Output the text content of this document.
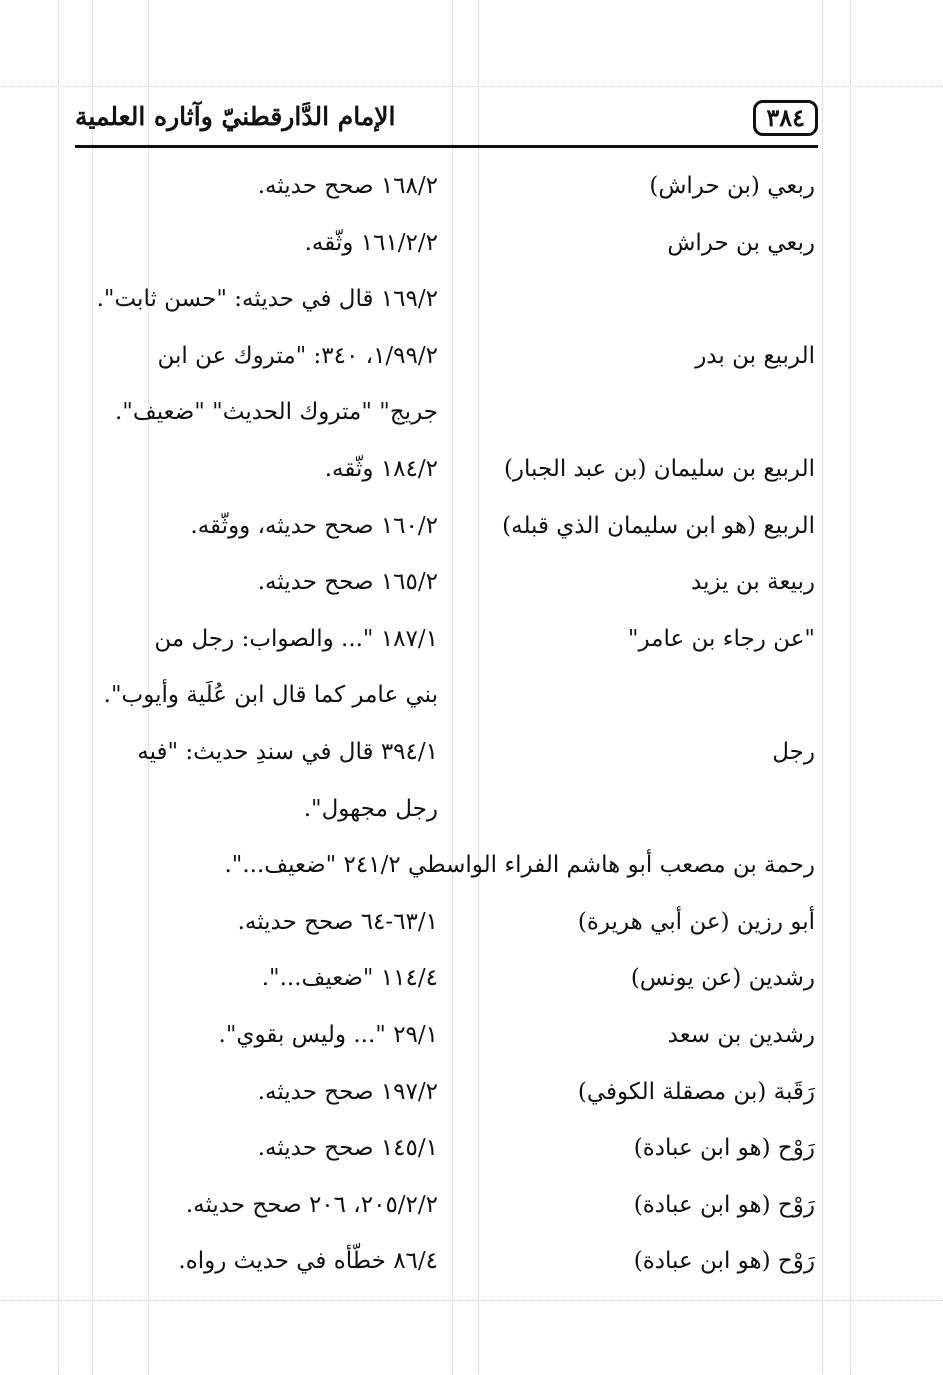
٣٨٤
الإمام الدَّارقطنيّ وآثاره العلمية
ربعي (بن حراش)
١٦٨/٢ صحح حديثه.
ربعي بن حراش
١٦١/٢/٢ وثّقه.
١٦٩/٢ قال في حديثه: "حسن ثابت".
الربيع بن بدر
١/٩٩/٢، ٣٤٠: "متروك عن ابن
جريج" "متروك الحديث" "ضعيف".
الربيع بن سليمان (بن عبد الجبار)
١٨٤/٢ وثّقه.
الربيع (هو ابن سليمان الذي قبله)
١٦٠/٢ صحح حديثه، ووثّقه.
ربيعة بن يزيد
١٦٥/٢ صحح حديثه.
"عن رجاء بن عامر"
١٨٧/١ "... والصواب: رجل من
بني عامر كما قال ابن عُلَية وأيوب".
رجل
٣٩٤/١ قال في سندِ حديث: "فيه
رجل مجهول".
رحمة بن مصعب أبو هاشم الفراء الواسطي ٢٤١/٢ "ضعيف...".
أبو رزين (عن أبي هريرة)
٦٣/١-٦٤ صحح حديثه.
رشدين (عن يونس)
١١٤/٤ "ضعيف...".
رشدين بن سعد
٢٩/١ "... وليس بقوي".
رَقَبة (بن مصقلة الكوفي)
١٩٧/٢ صحح حديثه.
رَوْح (هو ابن عبادة)
١٤٥/١ صحح حديثه.
رَوْح (هو ابن عبادة)
٢٠٥/٢/٢، ٢٠٦ صحح حديثه.
رَوْح (هو ابن عبادة)
٨٦/٤ خطّأه في حديث رواه.
